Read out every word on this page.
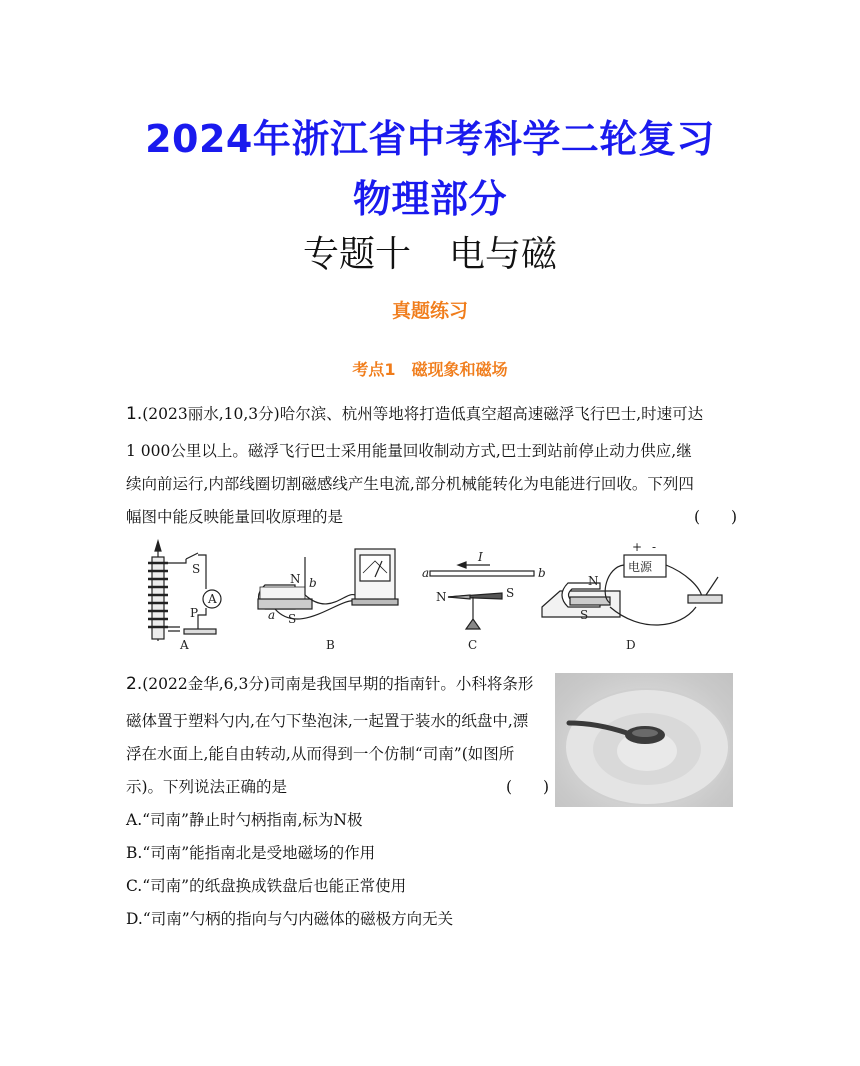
2024年浙江省中考科学二轮复习
物理部分
专题十 电与磁
真题练习
考点1 磁现象和磁场
1.(2023丽水,10,3分)哈尔滨、杭州等地将打造低真空超高速磁浮飞行巴士,时速可达
1 000公里以上。磁浮飞行巴士采用能量回收制动方式,巴士到站前停止动力供应,继
续向前运行,内部线圈切割磁感线产生电流,部分机械能转化为电能进行回收。下列四
幅图中能反映能量回收原理的是	(　　)
S
A
P
A
N
S
b
a
B
a	b
I
N	S
C
N
S
电源
+ -
D
2.(2022金华,6,3分)司南是我国早期的指南针。小科将条形
磁体置于塑料勺内,在勺下垫泡沫,一起置于装水的纸盘中,漂
浮在水面上,能自由转动,从而得到一个仿制“司南”(如图所
示)。下列说法正确的是	(　　)
A.“司南”静止时勺柄指南,标为N极
B.“司南”能指南北是受地磁场的作用
C.“司南”的纸盘换成铁盘后也能正常使用
D.“司南”勺柄的指向与勺内磁体的磁极方向无关
